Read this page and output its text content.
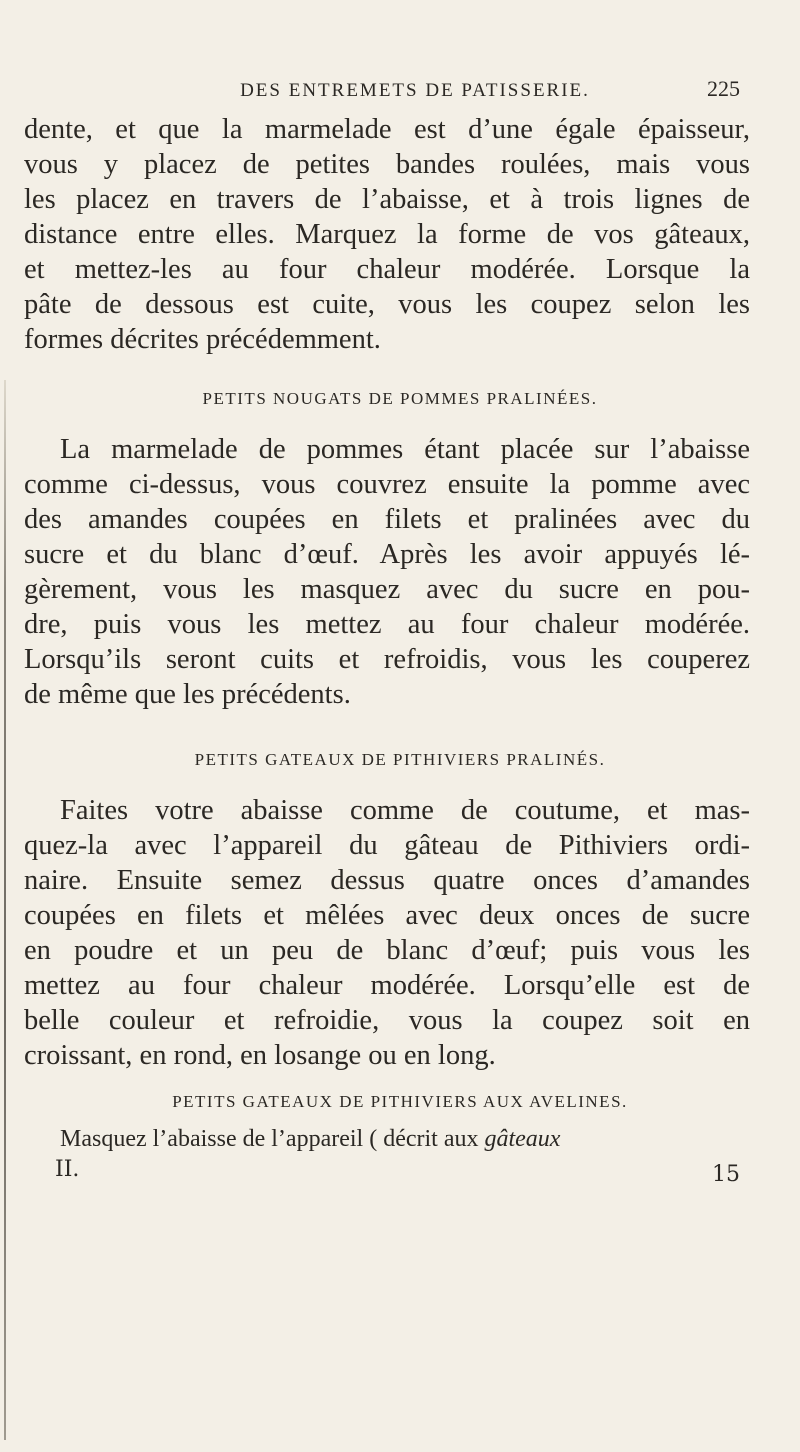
DES ENTREMETS DE PATISSERIE.	225

dente, et que la marmelade est d’une égale épaisseur,
vous y placez de petites bandes roulées, mais vous
les placez en travers de l’abaisse, et à trois lignes de
distance entre elles. Marquez la forme de vos gâteaux,
et mettez-les au four chaleur modérée. Lorsque la
pâte de dessous est cuite, vous les coupez selon les
formes décrites précédemment.

PETITS NOUGATS DE POMMES PRALINÉES.

La marmelade de pommes étant placée sur l’abaisse
comme ci-dessus, vous couvrez ensuite la pomme avec
des amandes coupées en filets et pralinées avec du
sucre et du blanc d’œuf. Après les avoir appuyés lé-
gèrement, vous les masquez avec du sucre en pou-
dre, puis vous les mettez au four chaleur modérée.
Lorsqu’ils seront cuits et refroidis, vous les couperez
de même que les précédents.

PETITS GATEAUX DE PITHIVIERS PRALINÉS.

Faites votre abaisse comme de coutume, et mas-
quez-la avec l’appareil du gâteau de Pithiviers ordi-
naire. Ensuite semez dessus quatre onces d’amandes
coupées en filets et mêlées avec deux onces de sucre
en poudre et un peu de blanc d’œuf; puis vous les
mettez au four chaleur modérée. Lorsqu’elle est de
belle couleur et refroidie, vous la coupez soit en
croissant, en rond, en losange ou en long.

PETITS GATEAUX DE PITHIVIERS AUX AVELINES.

Masquez l’abaisse de l’appareil ( décrit aux gâteaux

II.	15
